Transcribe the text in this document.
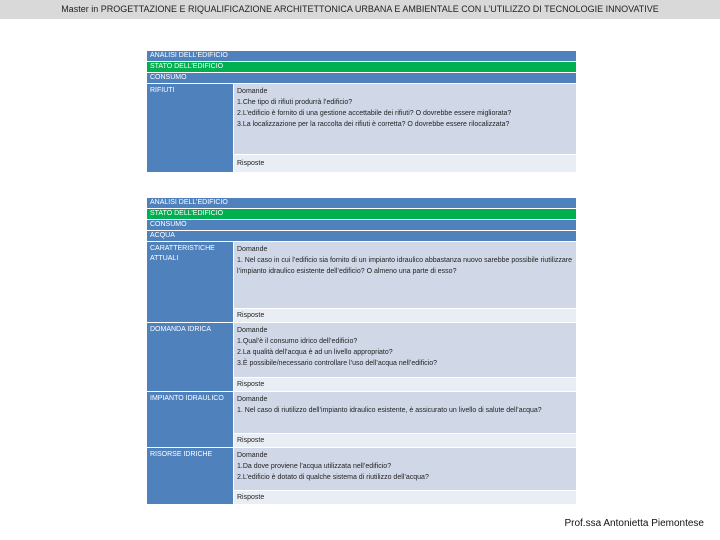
Master in PROGETTAZIONE E RIQUALIFICAZIONE ARCHITETTONICA URBANA E AMBIENTALE CON L’UTILIZZO DI TECNOLOGIE INNOVATIVE
ANALISI DELL’EDIFICIO
STATO DELL’EDIFICIO
CONSUMO
RIFIUTI	Domande
1.Che tipo di rifiuti produrrà l’edificio?
2.L’edificio è fornito di una gestione accettabile dei rifiuti? O dovrebbe essere migliorata?
3.La localizzazione per la raccolta dei rifiuti è corretta? O dovrebbe essere rilocalizzata?
Risposte
ANALISI DELL’EDIFICIO
STATO DELL’EDIFICIO
CONSUMO
ACQUA
CARATTERISTICHE ATTUALI
Domande
1. Nel caso in cui l’edificio sia fornito di un impianto idraulico abbastanza nuovo sarebbe possibile riutilizzare l’impianto idraulico esistente dell’edificio? O almeno una parte di esso?
Risposte
DOMANDA IDRICA	Domande
1.Qual’è il consumo idrico dell’edificio?
2.La qualità dell’acqua è ad un livello appropriato?
3.È possibile/necessario controllare l’uso dell’acqua nell’edificio?
Risposte
IMPIANTO IDRAULICO	Domande
1. Nel caso di riutilizzo dell’impianto idraulico esistente, è assicurato un livello di salute dell’acqua?
Risposte
RISORSE IDRICHE	Domande
1.Da dove proviene l’acqua utilizzata nell’edificio?
2.L’edificio è dotato di qualche sistema di riutilizzo dell’acqua?
Risposte
Prof.ssa Antonietta Piemontese
